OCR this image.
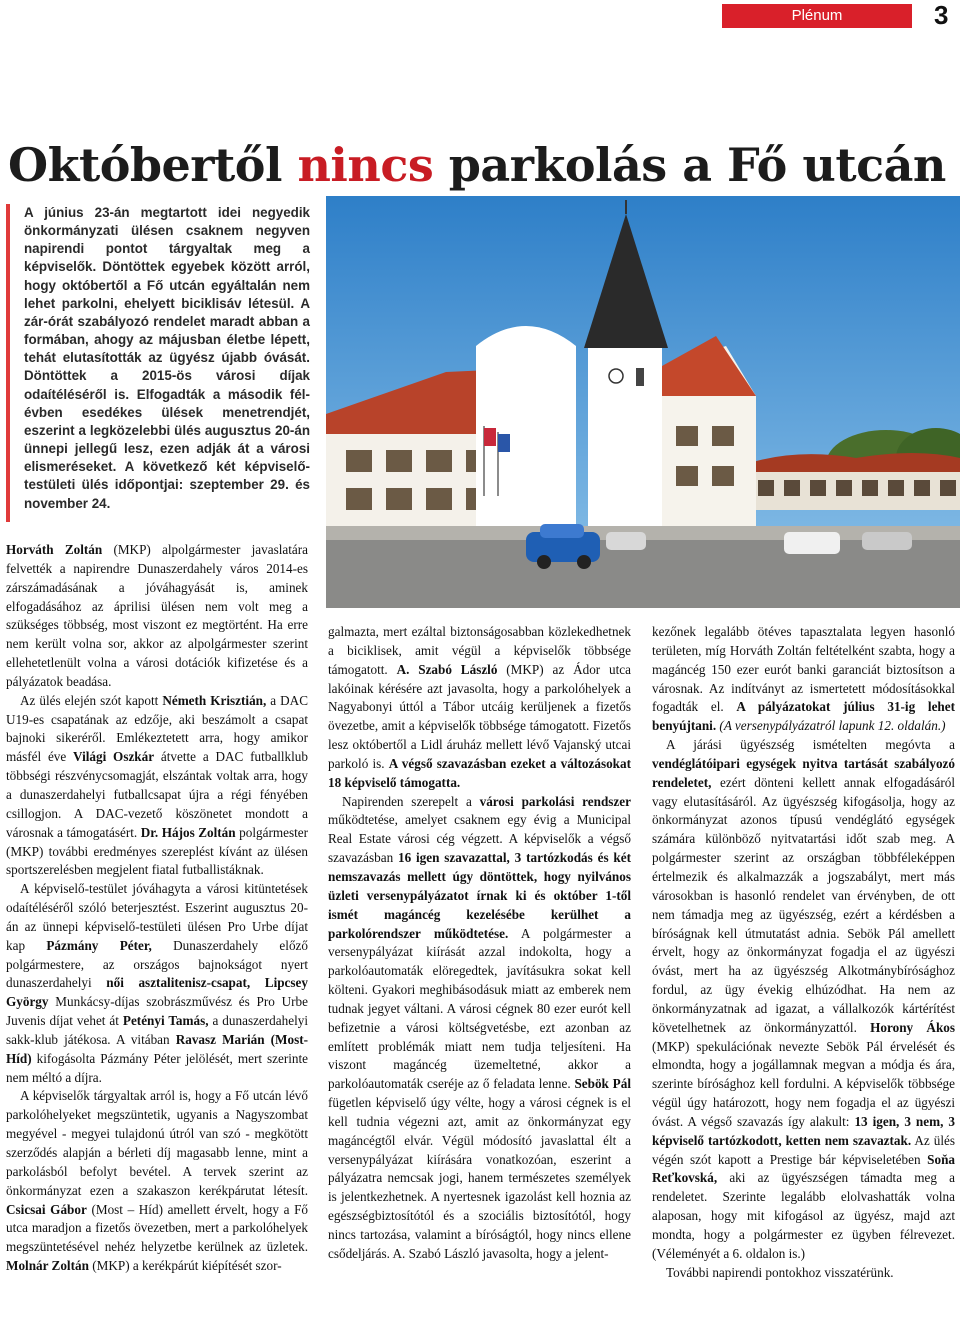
Plénum	3
Októbertől nincs parkolás a Fő utcán
A június 23-án megtartott idei negyedik önkormányzati ülésen csaknem negyven napirendi pontot tárgyaltak meg a képviselők. Döntöttek egyebek között arról, hogy októbertől a Fő utcán egyáltalán nem lehet parkolni, ehelyett biciklisáv létesül. A zár-órát szabályozó rendelet maradt abban a formában, ahogy az májusban életbe lépett, tehát elutasították az ügyész újabb óvását. Döntöttek a 2015-ös városi díjak odaítéléséről is. Elfogadták a második fél-évben esedékes ülések menetrendjét, eszerint a legközelebbi ülés augusztus 20-án ünnepi jellegű lesz, ezen adják át a városi elismeréseket. A következő két képviselő-testületi ülés időpontjai: szeptember 29. és november 24.

Horváth Zoltán (MKP) alpolgármester javaslatára felvették a napirendre Dunaszerdahely város 2014-es zárszámadásának a jóváhagyását is, aminek elfogadásához az áprilisi ülésen nem volt meg a szükséges többség, most viszont ez megtörtént. Ha erre nem került volna sor, akkor az alpolgármester szerint ellehetetlenült volna a városi dotációk kifizetése és a pályázatok beadása.

Az ülés elején szót kapott Németh Krisztián, a DAC U19-es csapatának az edzője, aki beszámolt a csapat bajnoki sikeréről. Emlékeztetett arra, hogy amikor másfél éve Világi Oszkár átvette a DAC futballklub többségi részvénycsomagját, elszántak voltak arra, hogy a dunaszerdahelyi futballcsapat újra a régi fényében csillogjon. A DAC-vezető köszönetet mondott a városnak a támogatásért. Dr. Hájos Zoltán polgármester (MKP) további eredményes szereplést kívánt az ülésen sportszerelésben megjelent fiatal futballistáknak.

A képviselő-testület jóváhagyta a városi kitüntetések odaítéléséről szóló beterjesztést. Eszerint augusztus 20-án az ünnepi képviselő-testületi ülésen Pro Urbe díjat kap Pázmány Péter, Dunaszerdahely előző polgármestere, az országos bajnokságot nyert dunaszerdahelyi női asztalitenisz-csapat, Lipcsey György Munkácsy-díjas szobrászművész és Pro Urbe Juvenis díjat vehet át Petényi Tamás, a dunaszerdahelyi sakk-klub játékosa. A vitában Ravasz Marián (Most-Híd) kifogásolta Pázmány Péter jelölését, mert szerinte nem méltó a díjra.

A képviselők tárgyaltak arról is, hogy a Fő utcán lévő parkolóhelyeket megszüntetik, ugyanis a Nagyszombat megyével - megyei tulajdonú útról van szó - megkötött szerződés alapján a bérleti díj magasabb lenne, mint a parkolásból befolyt bevétel. A tervek szerint az önkormányzat ezen a szakaszon kerékpárutat létesít. Csicsai Gábor (Most – Híd) amellett érvelt, hogy a Fő utca maradjon a fizetős övezetben, mert a parkolóhelyek megszüntetésével nehéz helyzetbe kerülnek az üzletek. Molnár Zoltán (MKP) a kerékpárút kiépítését szor-

galmazta, mert ezáltal biztonságosabban közlekedhetnek a biciklisek, amit végül a képviselők többsége támogatott. A. Szabó László (MKP) az Ádor utca lakóinak kérésére azt javasolta, hogy a parkolóhelyek a Nagyabonyi úttól a Tábor utcáig kerüljenek a fizetős övezetbe, amit a képviselők többsége támogatott. Fizetős lesz októbertől a Lidl áruház mellett lévő Vajanský utcai parkoló is. A végső szavazásban ezeket a változásokat 18 képviselő támogatta.

Napirenden szerepelt a városi parkolási rendszer működtetése, amelyet csaknem egy évig a Municipal Real Estate városi cég végzett. A képviselők a végső szavazásban 16 igen szavazattal, 3 tartózkodás és két nemszavazás mellett úgy döntöttek, hogy nyilvános üzleti versenypályázatot írnak ki és október 1-től ismét magáncég kezelésébe kerülhet a parkolórendszer működtetése. A polgármester a versenypályázat kiírását azzal indokolta, hogy a parkolóautomaták elöregedtek, javításukra sokat kell költeni. Gyakori meghibásodásuk miatt az emberek nem tudnak jegyet váltani. A városi cégnek 80 ezer eurót kell befizetnie a városi költségvetésbe, ezt azonban az említett problémák miatt nem tudja teljesíteni. Ha viszont magáncég üzemeltetné, akkor a parkolóautomaták cseréje az ő feladata lenne. Sebök Pál fügetlen képviselő úgy vélte, hogy a városi cégnek is el kell tudnia végezni azt, amit az önkormányzat egy magáncégtől elvár. Végül módosító javaslattal élt a versenypályázat kiírására vonatkozóan, eszerint a pályázatra nemcsak jogi, hanem természetes személyek is jelentkezhetnek. A nyertesnek igazolást kell hoznia az egészségbiztosítótól és a szociális biztosítótól, hogy nincs tartozása, valamint a bíróságtól, hogy nincs ellene csődeljárás. A. Szabó László javasolta, hogy a jelent-

kezőnek legalább ötéves tapasztalata legyen hasonló területen, míg Horváth Zoltán feltételként szabta, hogy a magáncég 150 ezer eurót banki garanciát biztosítson a városnak. Az indítványt az ismertetett módosításokkal fogadták el. A pályázatokat július 31-ig lehet benyújtani. (A versenypályázatról lapunk 12. oldalán.)

A járási ügyészség ismételten megóvta a vendéglátóipari egységek nyitva tartását szabályozó rendeletet, ezért dönteni kellett annak elfogadásáról vagy elutasításáról. Az ügyészség kifogásolja, hogy az önkormányzat azonos típusú vendéglátó egységek számára különböző nyitvatartási időt szab meg. A polgármester szerint az országban többféleképpen értelmezik és alkalmazzák a jogszabályt, mert más városokban is hasonló rendelet van érvényben, de ott nem támadja meg az ügyészség, ezért a kérdésben a bíróságnak kell útmutatást adnia. Sebök Pál amellett érvelt, hogy az önkormányzat fogadja el az ügyészi óvást, mert ha az ügyészség Alkotmánybírósághoz fordul, az ügy évekig elhúzódhat. Ha nem az önkormányzatnak ad igazat, a vállalkozók kártérítést követelhetnek az önkormányzattól. Horony Ákos (MKP) spekulációnak nevezte Sebök Pál érvelését és elmondta, hogy a jogállamnak megvan a módja és ára, szerinte bírósághoz kell fordulni. A képviselők többsége végül úgy határozott, hogy nem fogadja el az ügyészi óvást. A végső szavazás így alakult: 13 igen, 3 nem, 3 képviselő tartózkodott, ketten nem szavaztak. Az ülés végén szót kapott a Prestige bár képviseletében Soňa Reťkovská, aki az ügyészségen támadta meg a rendeletet. Szerinte legalább elolvashatták volna alaposan, hogy mit kifogásol az ügyész, majd azt mondta, hogy a polgármester ez ügyben félrevezet. (Véleményét a 6. oldalon is.)

További napirendi pontokhoz visszatérünk.
